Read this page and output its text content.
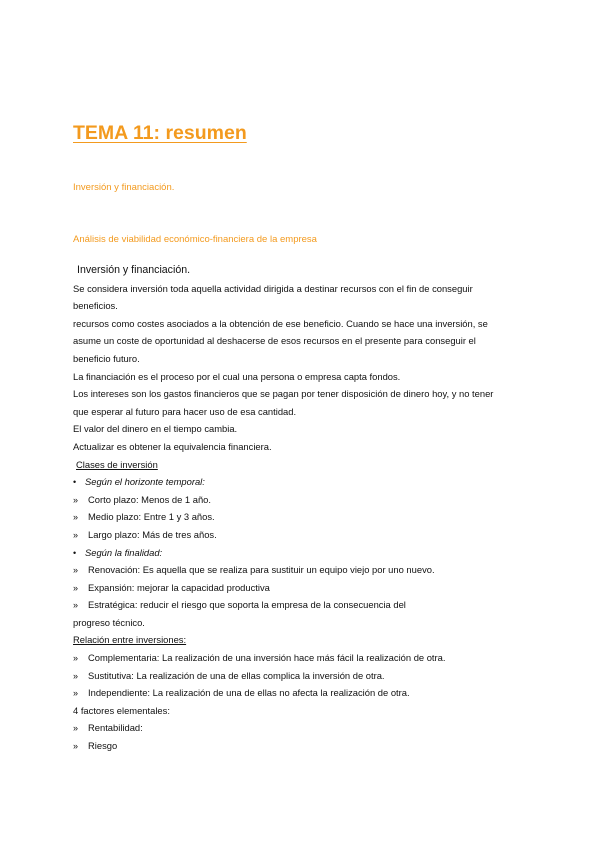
TEMA 11: resumen
Inversión y financiación.
Análisis de viabilidad económico-financiera de la empresa
Inversión y financiación.
Se considera inversión toda aquella actividad dirigida a destinar recursos con el fin de conseguir
beneficios.
recursos como costes asociados a la obtención de ese beneficio. Cuando se hace una inversión, se
asume un coste de oportunidad al deshacerse de esos recursos en el presente para conseguir el
beneficio futuro.
La financiación es el proceso por el cual una persona o empresa capta fondos.
Los intereses son los gastos financieros que se pagan por tener disposición de dinero hoy, y no tener
que esperar al futuro para hacer uso de esa cantidad.
El valor del dinero en el tiempo cambia.
Actualizar es obtener la equivalencia financiera.
Clases de inversión
• Según el horizonte temporal:
» Corto plazo: Menos de 1 año.
» Medio plazo: Entre 1 y 3 años.
» Largo plazo: Más de tres años.
• Según la finalidad:
» Renovación: Es aquella que se realiza para sustituir un equipo viejo por uno nuevo.
» Expansión: mejorar la capacidad productiva
» Estratégica: reducir el riesgo que soporta la empresa de la consecuencia del
progreso técnico.
Relación entre inversiones:
» Complementaria: La realización de una inversión hace más fácil la realización de otra.
» Sustitutiva: La realización de una de ellas complica la inversión de otra.
» Independiente: La realización de una de ellas no afecta la realización de otra.
4 factores elementales:
» Rentabilidad:
» Riesgo
